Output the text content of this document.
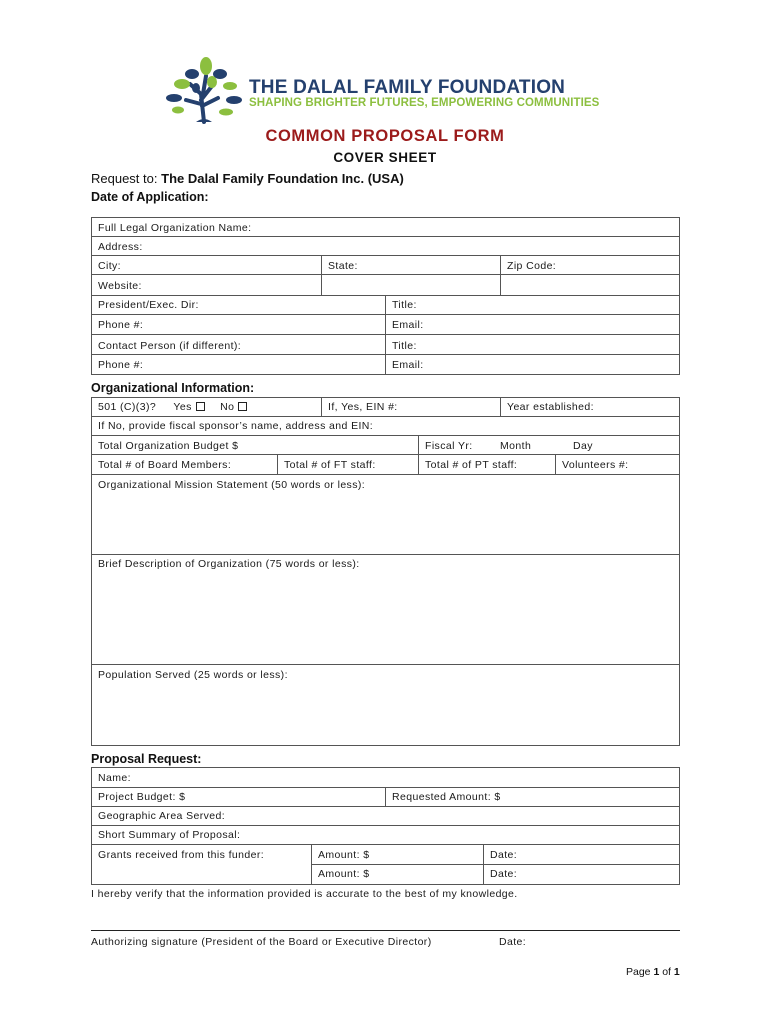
THE DALAL FAMILY FOUNDATION
SHAPING BRIGHTER FUTURES, EMPOWERING COMMUNITIES
COMMON PROPOSAL FORM
COVER SHEET
Request to: The Dalal Family Foundation Inc. (USA)
Date of Application:
Full Legal Organization Name:
Address:
City:	State:	Zip Code:
Website:
President/Exec. Dir:	Title:
Phone #:	Email:
Contact Person (if different):	Title:
Phone #:	Email:
Organizational Information:
501 (C)(3)? Yes	No	If, Yes, EIN #:	Year established:
If No, provide fiscal sponsor’s name, address and EIN:
Total Organization Budget $	Fiscal Yr:	Month	Day
Total # of Board Members:	Total # of FT staff:	Total # of PT staff:	Volunteers #:
Organizational Mission Statement (50 words or less):
Brief Description of Organization (75 words or less):
Population Served (25 words or less):
Proposal Request:
Name:
Project Budget: $	Requested Amount: $
Geographic Area Served:
Short Summary of Proposal:
Grants received from this funder:	Amount: $	Date:
Amount: $	Date:
I hereby verify that the information provided is accurate to the best of my knowledge.
Authorizing signature (President of the Board or Executive Director)	Date:
Page 1 of 1
